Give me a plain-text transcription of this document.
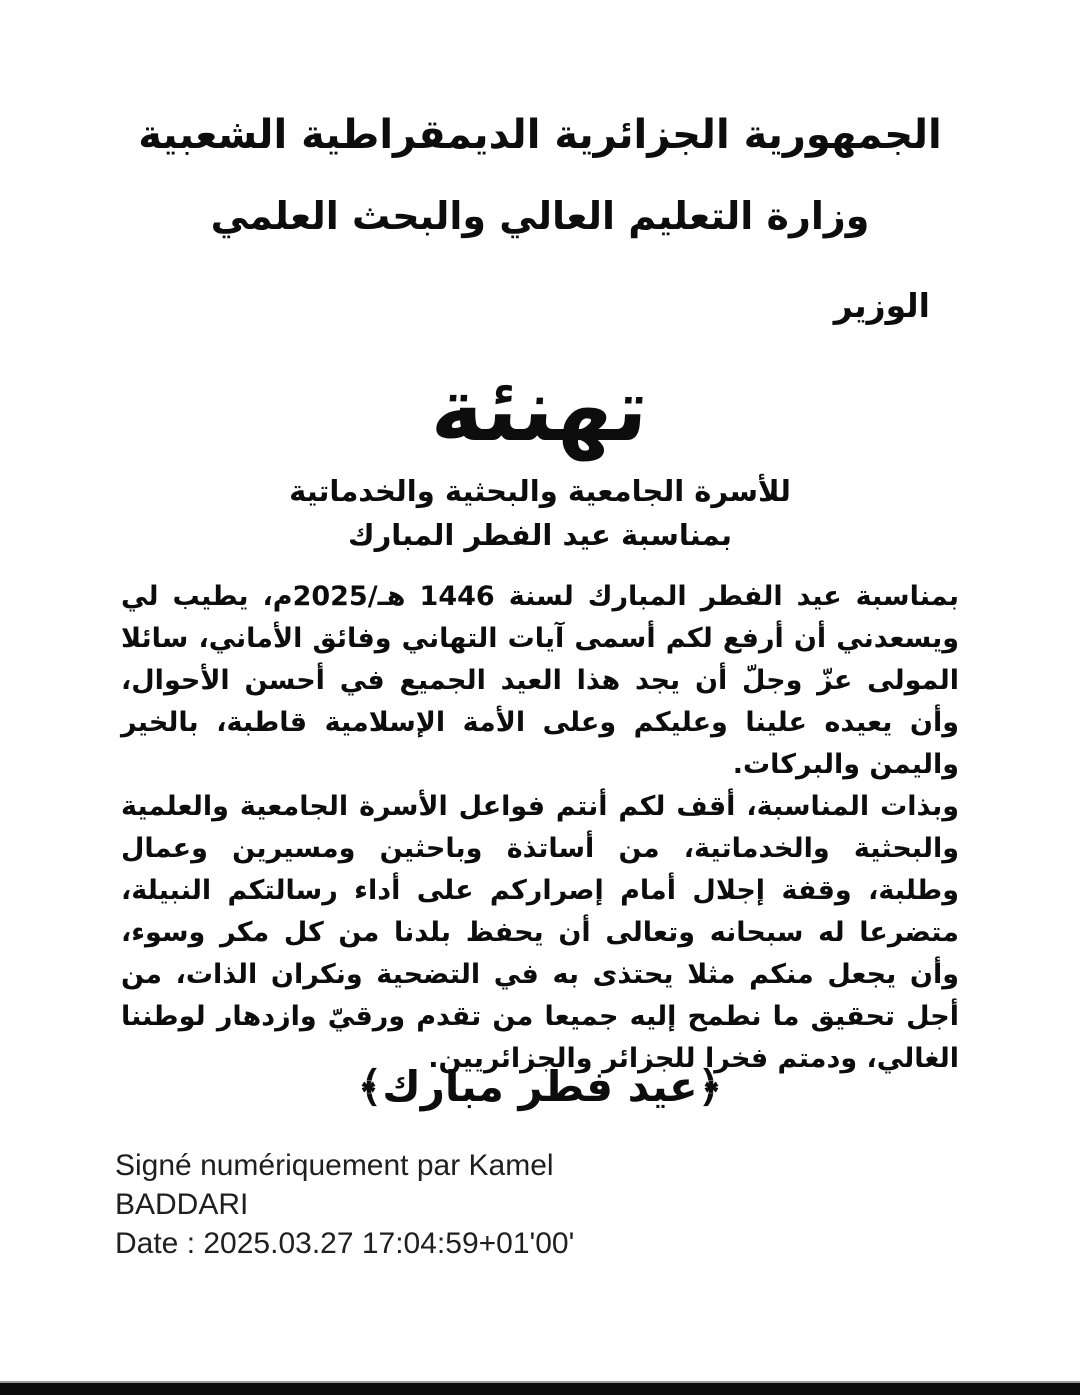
الجمهورية الجزائرية الديمقراطية الشعبية
وزارة التعليم العالي والبحث العلمي
الوزير
تهنئة
للأسرة الجامعية والبحثية والخدماتية
بمناسبة عيد الفطر المبارك

بمناسبة عيد الفطر المبارك لسنة 1446 هـ/2025م، يطيب لي ويسعدني أن أرفع لكم أسمى آيات التهاني وفائق الأماني، سائلا المولى عزّ وجلّ أن يجد هذا العيد الجميع في أحسن الأحوال، وأن يعيده علينا وعليكم وعلى الأمة الإسلامية قاطبة، بالخير واليمن والبركات.

وبذات المناسبة، أقف لكم أنتم فواعل الأسرة الجامعية والعلمية والبحثية والخدماتية، من أساتذة وباحثين ومسيرين وعمال وطلبة، وقفة إجلال أمام إصراركم على أداء رسالتكم النبيلة، متضرعا له سبحانه وتعالى أن يحفظ بلدنا من كل مكر وسوء، وأن يجعل منكم مثلا يحتذى به في التضحية ونكران الذات، من أجل تحقيق ما نطمح إليه جميعا من تقدم ورقيّ وازدهار لوطننا الغالي، ودمتم فخرا للجزائر والجزائريين.

﴿عيد فطر مبارك﴾
Signé numériquement par Kamel
BADDARI
Date : 2025.03.27 17:04:59+01'00'
